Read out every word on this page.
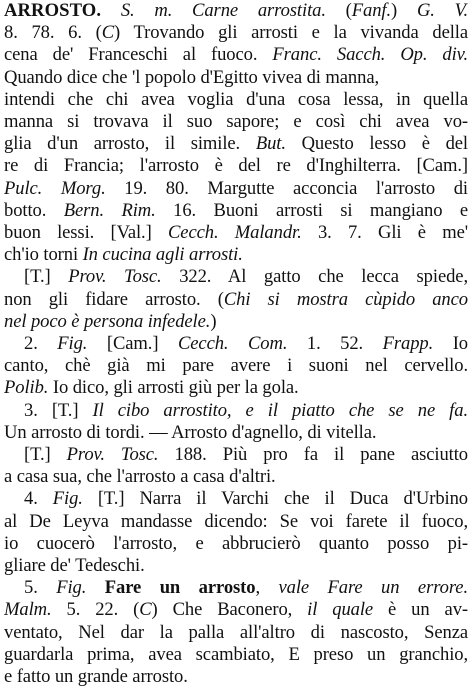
ARROSTO. S. m. Carne arrostita. (Fanf.) G. V.
8. 78. 6. (C) Trovando gli arrosti e la vivanda della
cena de' Franceschi al fuoco. Franc. Sacch. Op. div.
Quando dice che 'l popolo d'Egitto vivea di manna,
intendi che chi avea voglia d'una cosa lessa, in quella
manna si trovava il suo sapore; e così chi avea vo-
glia d'un arrosto, il simile. But. Questo lesso è del
re di Francia; l'arrosto è del re d'Inghilterra. [Cam.]
Pulc. Morg. 19. 80. Margutte acconcia l'arrosto di
botto. Bern. Rim. 16. Buoni arrosti si mangiano e
buon lessi. [Val.] Cecch. Malandr. 3. 7. Gli è me'
ch'io torni In cucina agli arrosti.
[T.] Prov. Tosc. 322. Al gatto che lecca spiede,
non gli fidare arrosto. (Chi si mostra cùpido anco
nel poco è persona infedele.)
2. Fig. [Cam.] Cecch. Com. 1. 52. Frapp. Io
canto, chè già mi pare avere i suoni nel cervello.
Polib. Io dico, gli arrosti giù per la gola.
3. [T.] Il cibo arrostito, e il piatto che se ne fa.
Un arrosto di tordi. — Arrosto d'agnello, di vitella.
[T.] Prov. Tosc. 188. Più pro fa il pane asciutto
a casa sua, che l'arrosto a casa d'altri.
4. Fig. [T.] Narra il Varchi che il Duca d'Urbino
al De Leyva mandasse dicendo: Se voi farete il fuoco,
io cuocerò l'arrosto, e abbrucierò quanto posso pi-
gliare de' Tedeschi.
5. Fig. Fare un arrosto, vale Fare un errore.
Malm. 5. 22. (C) Che Baconero, il quale è un av-
ventato, Nel dar la palla all'altro di nascosto, Senza
guardarla prima, avea scambiato, E preso un granchio,
e fatto un grande arrosto.
